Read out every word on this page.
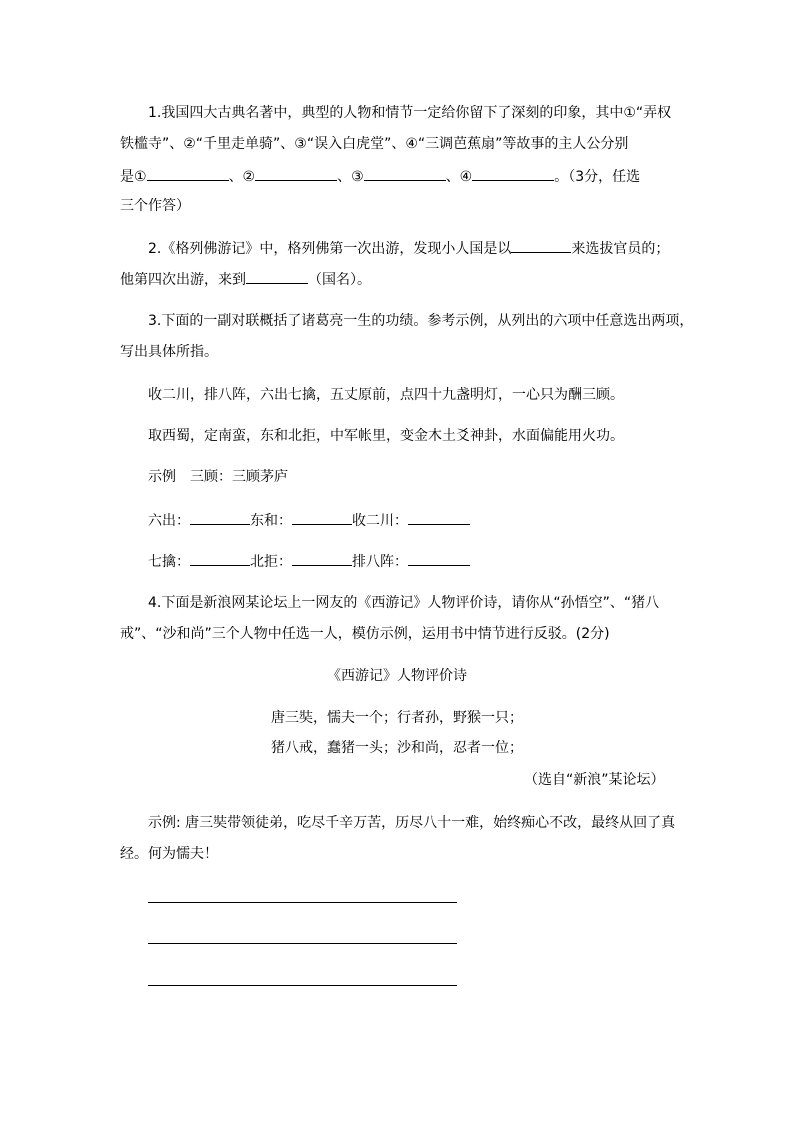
1.我国四大古典名著中，典型的人物和情节一定给你留下了深刻的印象，其中①“弄权
铁槛寺”、②“千里走单骑”、③“误入白虎堂”、④“三调芭蕉扇”等故事的主人公分别
是①	、②	、③	、④	。（3分，任选
三个作答）
2.《格列佛游记》中，格列佛第一次出游，发现小人国是以	来选拔官员的；
他第四次出游，来到	（国名）。
3.下面的一副对联概括了诸葛亮一生的功绩。参考示例，从列出的六项中任意选出两项，
写出具体所指。
收二川，排八阵，六出七擒，五丈原前，点四十九盏明灯，一心只为酬三顾。
取西蜀，定南蛮，东和北拒，中军帐里，变金木土爻神卦，水面偏能用火功。
示例　三顾：三顾茅庐
六出：	东和：	收二川：
七擒：	北拒：	排八阵：
4.下面是新浪网某论坛上一网友的《西游记》人物评价诗，请你从“孙悟空”、“猪八
戒”、“沙和尚”三个人物中任选一人，模仿示例，运用书中情节进行反驳。(2分)
《西游记》人物评价诗
唐三奘，懦夫一个；行者孙，野猴一只；
猪八戒，蠢猪一头；沙和尚，忍者一位；
（选自“新浪”某论坛）
示例: 唐三奘带领徒弟，吃尽千辛万苦，历尽八十一难，始终痴心不改，最终从回了真
经。何为懦夫！
